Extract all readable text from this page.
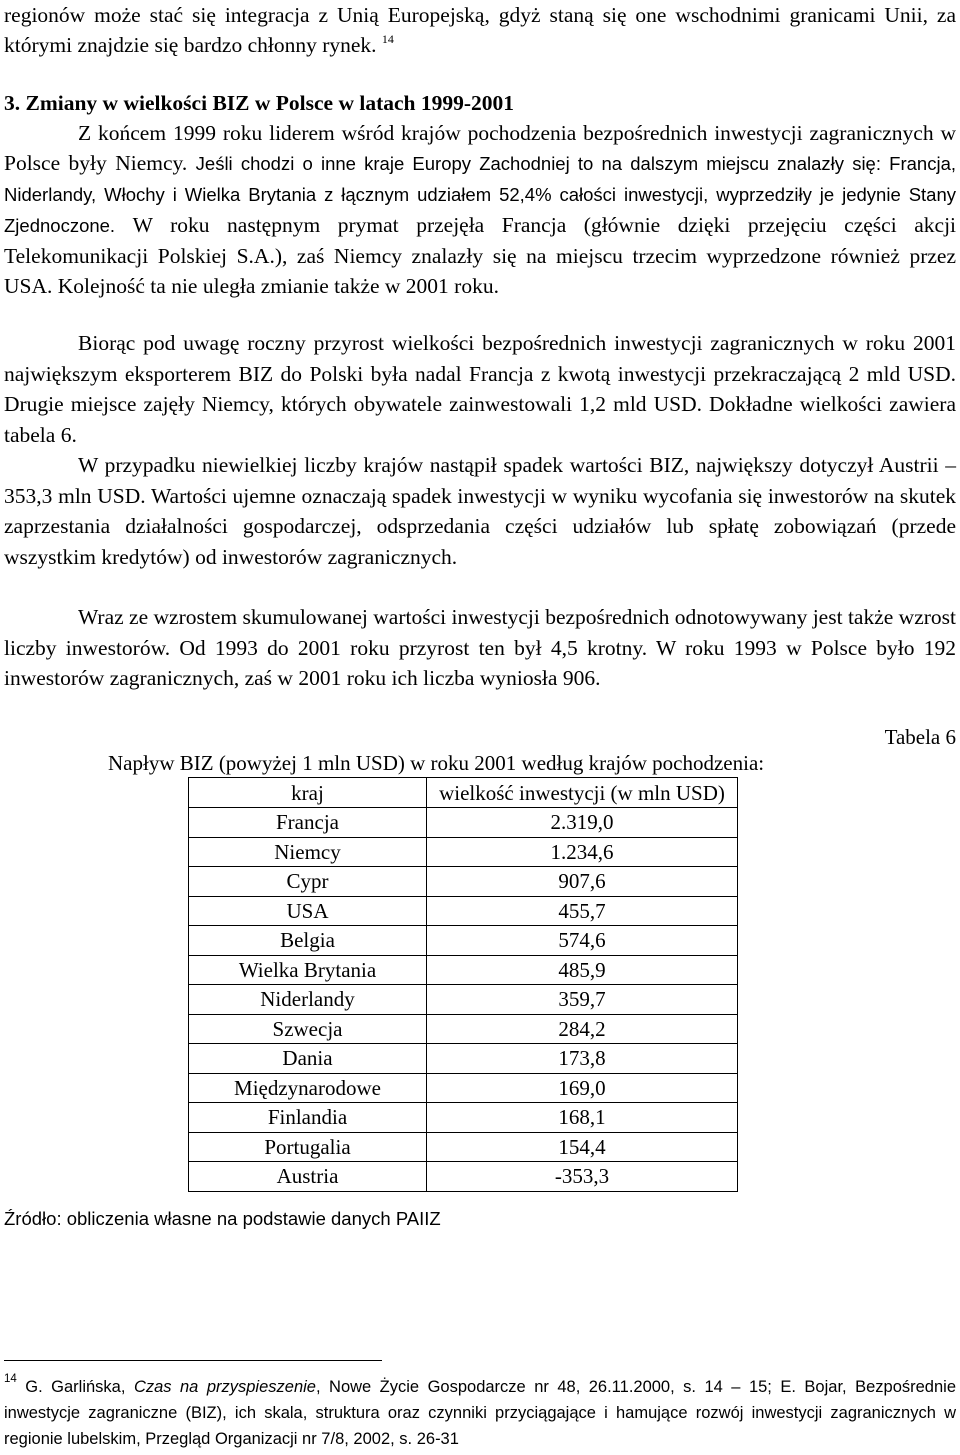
regionów może stać się integracja z Unią Europejską, gdyż staną się one wschodnimi granicami Unii, za którymi znajdzie się bardzo chłonny rynek. $^{14}$

3. Zmiany w wielkości BIZ w Polsce w latach 1999-2001

Z końcem 1999 roku liderem wśród krajów pochodzenia bezpośrednich inwestycji zagranicznych w Polsce były Niemcy. Jeśli chodzi o inne kraje Europy Zachodniej to na dalszym miejscu znalazły się: Francja, Niderlandy, Włochy i Wielka Brytania z łącznym udziałem 52,4% całości inwestycji, wyprzedziły je jedynie Stany Zjednoczone. W roku następnym prymat przejęła Francja (głównie dzięki przejęciu części akcji Telekomunikacji Polskiej S.A.), zaś Niemcy znalazły się na miejscu trzecim wyprzedzone również przez USA. Kolejność ta nie uległa zmianie także w 2001 roku.

Biorąc pod uwagę roczny przyrost wielkości bezpośrednich inwestycji zagranicznych w roku 2001 największym eksporterem BIZ do Polski była nadal Francja z kwotą inwestycji przekraczającą 2 mld USD. Drugie miejsce zajęły Niemcy, których obywatele zainwestowali 1,2 mld USD. Dokładne wielkości zawiera tabela 6.

W przypadku niewielkiej liczby krajów nastąpił spadek wartości BIZ, największy dotyczył Austrii – 353,3 mln USD. Wartości ujemne oznaczają spadek inwestycji w wyniku wycofania się inwestorów na skutek zaprzestania działalności gospodarczej, odsprzedania części udziałów lub spłatę zobowiązań (przede wszystkim kredytów) od inwestorów zagranicznych.

Wraz ze wzrostem skumulowanej wartości inwestycji bezpośrednich odnotowywany jest także wzrost liczby inwestorów. Od 1993 do 2001 roku przyrost ten był 4,5 krotny. W roku 1993 w Polsce było 192 inwestorów zagranicznych, zaś w 2001 roku ich liczba wyniosła 906.

Tabela 6
Napływ BIZ (powyżej 1 mln USD) w roku 2001 według krajów pochodzenia:
kraj	wielkość inwestycji (w mln USD)
Francja	2.319,0
Niemcy	1.234,6
Cypr	907,6
USA	455,7
Belgia	574,6
Wielka Brytania	485,9
Niderlandy	359,7
Szwecja	284,2
Dania	173,8
Międzynarodowe	169,0
Finlandia	168,1
Portugalia	154,4
Austria	-353,3
Źródło: obliczenia własne na podstawie danych PAIIZ

$^{14}$ G. Garlińska, Czas na przyspieszenie, Nowe Życie Gospodarcze nr 48, 26.11.2000, s. 14 – 15; E. Bojar, Bezpośrednie inwestycje zagraniczne (BIZ), ich skala, struktura oraz czynniki przyciągające i hamujące rozwój inwestycji zagranicznych w regionie lubelskim, Przegląd Organizacji nr 7/8, 2002, s. 26-31
